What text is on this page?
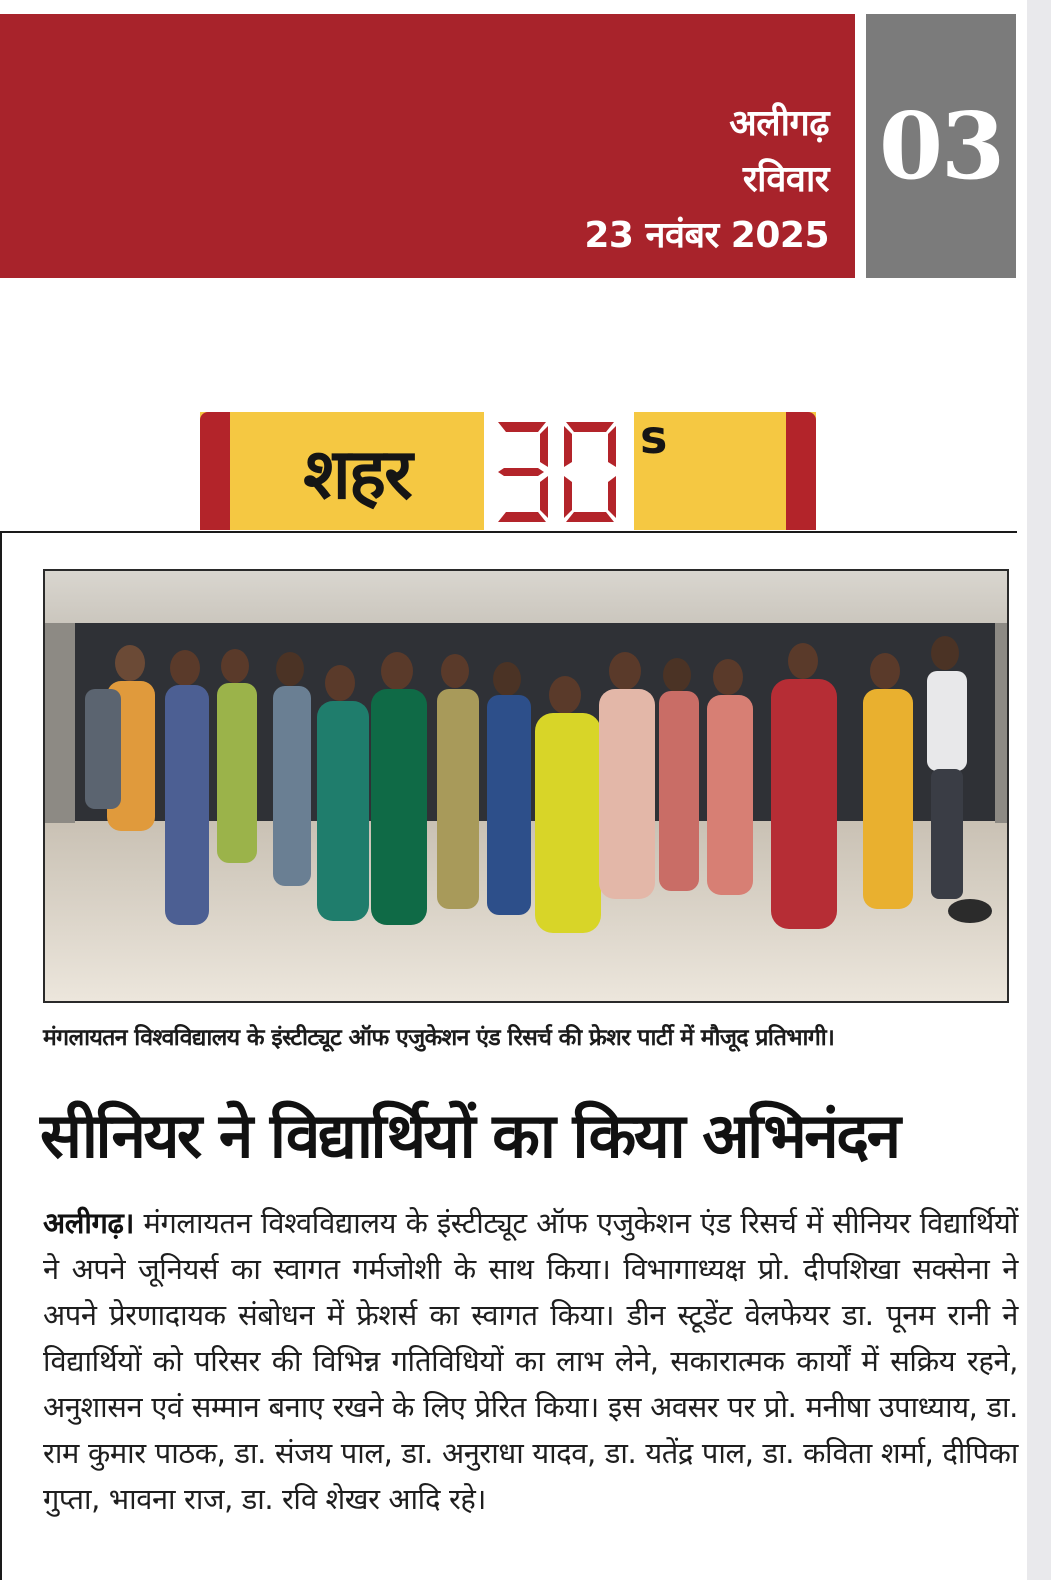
अलीगढ़
रविवार
23 नवंबर 2025
03
शहर	s
मंगलायतन विश्वविद्यालय के इंस्टीट्यूट ऑफ एजुकेशन एंड रिसर्च की फ्रेशर पार्टी में मौजूद प्रतिभागी।
सीनियर ने विद्यार्थियों का किया अभिनंदन
अलीगढ़। मंगलायतन विश्वविद्यालय के इंस्टीट्यूट ऑफ एजुकेशन एंड रिसर्च में सीनियर विद्यार्थियों ने अपने जूनियर्स का स्वागत गर्मजोशी के साथ किया। विभागाध्यक्ष प्रो. दीपशिखा सक्सेना ने अपने प्रेरणादायक संबोधन में फ्रेशर्स का स्वागत किया। डीन स्टूडेंट वेलफेयर डा. पूनम रानी ने विद्यार्थियों को परिसर की विभिन्न गतिविधियों का लाभ लेने, सकारात्मक कार्यों में सक्रिय रहने, अनुशासन एवं सम्मान बनाए रखने के लिए प्रेरित किया। इस अवसर पर प्रो. मनीषा उपाध्याय, डा. राम कुमार पाठक, डा. संजय पाल, डा. अनुराधा यादव, डा. यतेंद्र पाल, डा. कविता शर्मा, दीपिका गुप्ता, भावना राज, डा. रवि शेखर आदि रहे।
